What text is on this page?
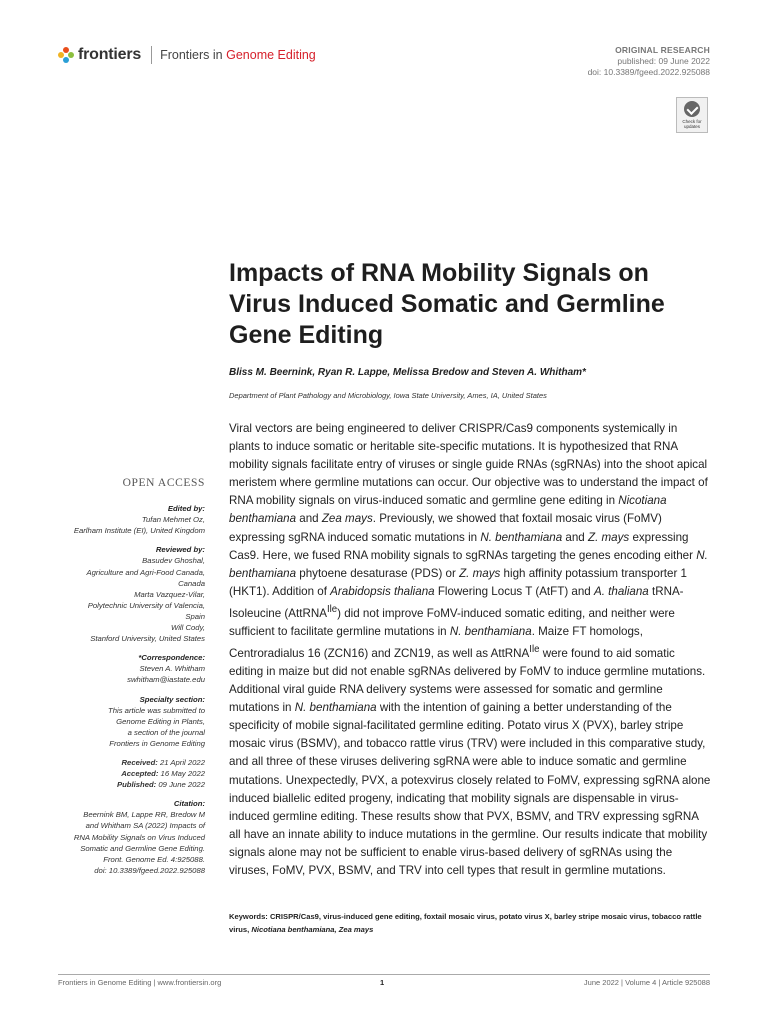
frontiers Frontiers in Genome Editing	ORIGINAL RESEARCH
published: 09 June 2022
doi: 10.3389/fgeed.2022.925088
Check for updates
Impacts of RNA Mobility Signals on Virus Induced Somatic and Germline Gene Editing
Bliss M. Beernink, Ryan R. Lappe, Melissa Bredow and Steven A. Whitham*
Department of Plant Pathology and Microbiology, Iowa State University, Ames, IA, United States
OPEN ACCESS
Edited by:
Tufan Mehmet Oz,
Earlham Institute (EI), United Kingdom
Reviewed by:
Basudev Ghoshal,
Agriculture and Agri-Food Canada,
Canada
Marta Vazquez-Vilar,
Polytechnic University of Valencia,
Spain
Will Cody,
Stanford University, United States
*Correspondence:
Steven A. Whitham
swhitham@iastate.edu
Specialty section:
This article was submitted to
Genome Editing in Plants,
a section of the journal
Frontiers in Genome Editing
Received: 21 April 2022
Accepted: 16 May 2022
Published: 09 June 2022
Citation:
Beernink BM, Lappe RR, Bredow M
and Whitham SA (2022) Impacts of
RNA Mobility Signals on Virus Induced
Somatic and Germline Gene Editing.
Front. Genome Ed. 4:925088.
doi: 10.3389/fgeed.2022.925088

Viral vectors are being engineered to deliver CRISPR/Cas9 components systemically in plants to induce somatic or heritable site-specific mutations. It is hypothesized that RNA mobility signals facilitate entry of viruses or single guide RNAs (sgRNAs) into the shoot apical meristem where germline mutations can occur. Our objective was to understand the impact of RNA mobility signals on virus-induced somatic and germline gene editing in Nicotiana benthamiana and Zea mays. Previously, we showed that foxtail mosaic virus (FoMV) expressing sgRNA induced somatic mutations in N. benthamiana and Z. mays expressing Cas9. Here, we fused RNA mobility signals to sgRNAs targeting the genes encoding either N. benthamiana phytoene desaturase (PDS) or Z. mays high affinity potassium transporter 1 (HKT1). Addition of Arabidopsis thaliana Flowering Locus T (AtFT) and A. thaliana tRNA-Isoleucine (AttRNA$^{Ile}$) did not improve FoMV-induced somatic editing, and neither were sufficient to facilitate germline mutations in N. benthamiana. Maize FT homologs, Centroradialus 16 (ZCN16) and ZCN19, as well as AttRNA$^{Ile}$ were found to aid somatic editing in maize but did not enable sgRNAs delivered by FoMV to induce germline mutations. Additional viral guide RNA delivery systems were assessed for somatic and germline mutations in N. benthamiana with the intention of gaining a better understanding of the specificity of mobile signal-facilitated germline editing. Potato virus X (PVX), barley stripe mosaic virus (BSMV), and tobacco rattle virus (TRV) were included in this comparative study, and all three of these viruses delivering sgRNA were able to induce somatic and germline mutations. Unexpectedly, PVX, a potexvirus closely related to FoMV, expressing sgRNA alone induced biallelic edited progeny, indicating that mobility signals are dispensable in virus-induced germline editing. These results show that PVX, BSMV, and TRV expressing sgRNA all have an innate ability to induce mutations in the germline. Our results indicate that mobility signals alone may not be sufficient to enable virus-based delivery of sgRNAs using the viruses, FoMV, PVX, BSMV, and TRV into cell types that result in germline mutations.

Keywords: CRISPR/Cas9, virus-induced gene editing, foxtail mosaic virus, potato virus X, barley stripe mosaic virus, tobacco rattle virus, Nicotiana benthamiana, Zea mays
Frontiers in Genome Editing | www.frontiersin.org	1	June 2022 | Volume 4 | Article 925088
